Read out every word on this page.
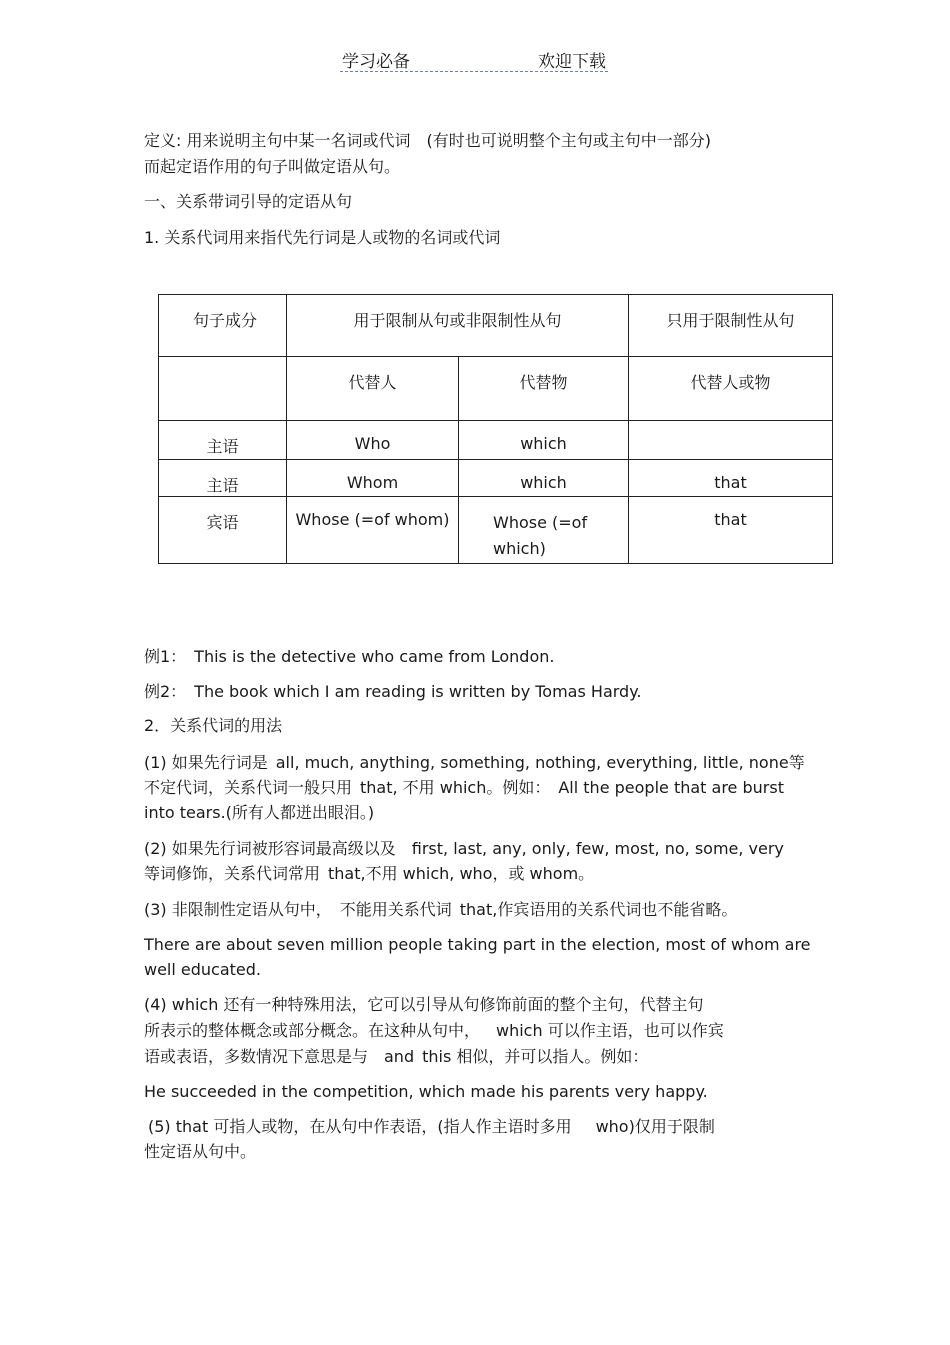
学习必备	欢迎下载
定义: 用来说明主句中某一名词或代词　(有时也可说明整个主句或主句中一部分)
而起定语作用的句子叫做定语从句。
一、关系带词引导的定语从句
1. 关系代词用来指代先行词是人或物的名词或代词
句子成分	用于限制从句或非限制性从句		只用于限制性从句
	代替人	代替物	代替人或物
主语	Who	which	
主语	Whom	which	that
宾语	Whose (=of whom)	Whose (=of which)	that
例1： This is the detective who came from London.
例2： The book which I am reading is written by Tomas Hardy.
2．关系代词的用法
(1) 如果先行词是 all, much, anything, something, nothing, everything, little, none等
不定代词，关系代词一般只用 that, 不用 which。例如： All the people that are burst
into tears.(所有人都迸出眼泪。)
(2) 如果先行词被形容词最高级以及 first, last, any, only, few, most, no, some, very
等词修饰，关系代词常用 that,不用 which, who，或 whom。
(3) 非限制性定语从句中， 不能用关系代词 that,作宾语用的关系代词也不能省略。
There are about seven million people taking part in the election, most of whom are
well educated.
(4) which 还有一种特殊用法，它可以引导从句修饰前面的整个主句，代替主句
所表示的整体概念或部分概念。在这种从句中， which 可以作主语，也可以作宾
语或表语，多数情况下意思是与 and this 相似，并可以指人。例如：
He succeeded in the competition, which made his parents very happy.
(5) that 可指人或物，在从句中作表语，(指人作主语时多用  who)仅用于限制
性定语从句中。
